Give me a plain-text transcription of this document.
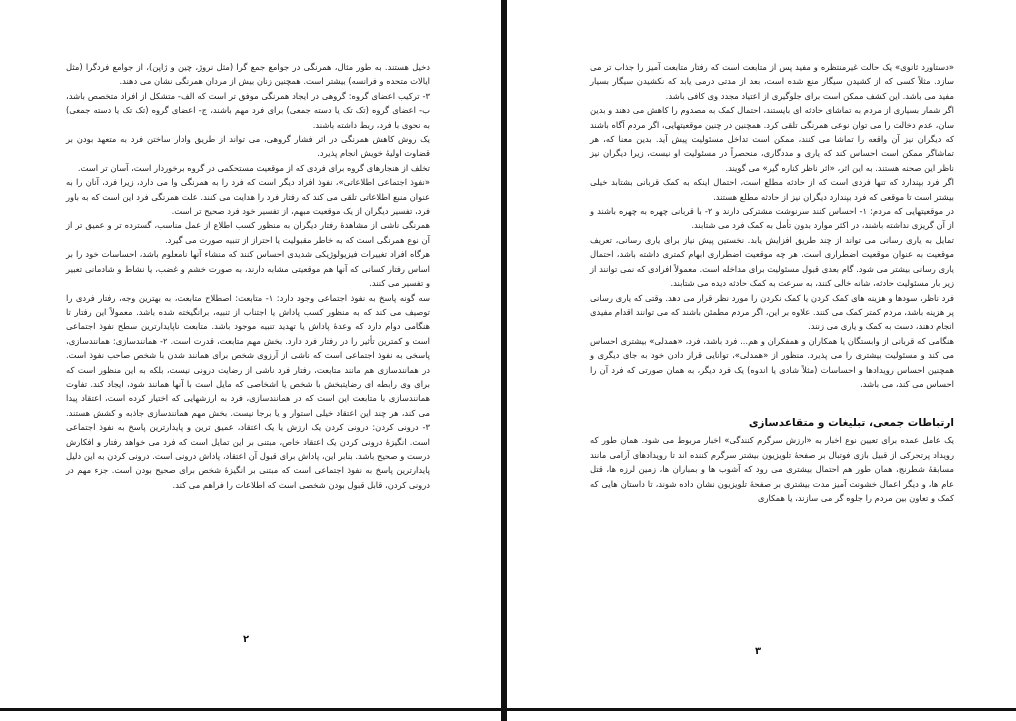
دخیل هستند. به طور مثال، همرنگی در جوامع جمع گرا (مثل نروژ، چین و ژاپن)، از جوامع فردگرا (مثل ایالات متحده و فرانسه) بیشتر است. همچنین زنان بیش از مردان همرنگی نشان می دهند.

۳- ترکیب اعضای گروه: گروهی در ایجاد همرنگی موفق تر است که الف- متشکل از افراد متخصص باشد، ب- اعضای گروه (تک تک یا دسته جمعی) برای فرد مهم باشند، ج- اعضای گروه (تک تک یا دسته جمعی) به نحوی با فرد، ربط داشته باشند.

یک روش کاهش همرنگی در اثر فشار گروهی، می تواند از طریق وادار ساختن فرد به متعهد بودن بر قضاوت اولیهٔ خویش انجام پذیرد.

تخلف از هنجارهای گروه برای فردی که از موقعیت مستحکمی در گروه برخوردار است، آسان تر است.

«نفوذ اجتماعی اطلاعاتی»، نفوذ افراد دیگر است که فرد را به همرنگی وا می دارد، زیرا فرد، آنان را به عنوان منبع اطلاعاتی تلقی می کند که رفتار فرد را هدایت می کنند. علت همرنگی فرد این است که به باور فرد، تفسیر دیگران از یک موقعیت مبهم، از تفسیر خود فرد صحیح تر است.

همرنگی ناشی از مشاهدهٔ رفتار دیگران به منظور کسب اطلاع از عمل مناسب، گسترده تر و عمیق تر از آن نوع همرنگی است که به خاطر مقبولیت یا احتراز از تنبیه صورت می گیرد.

هرگاه افراد تغییرات فیزیولوژیکی شدیدی احساس کنند که منشاء آنها نامعلوم باشد، احساسات خود را بر اساس رفتار کسانی که آنها هم موقعیتی مشابه دارند، به صورت خشم و غضب، یا نشاط و شادمانی تعبیر و تفسیر می کنند.

سه گونه پاسخ به نفوذ اجتماعی وجود دارد: ۱- متابعت: اصطلاح متابعت، به بهترین وجه، رفتار فردی را توصیف می کند که به منظور کسب پاداش یا اجتناب از تنبیه، برانگیخته شده باشد. معمولاً این رفتار تا هنگامی دوام دارد که وعدهٔ پاداش یا تهدید تنبیه موجود باشد. متابعت ناپایدارترین سطح نفوذ اجتماعی است و کمترین تأثیر را در رفتار فرد دارد. بخش مهم متابعت، قدرت است. ۲- همانندسازی: همانندسازی، پاسخی به نفوذ اجتماعی است که ناشی از آرزوی شخص برای همانند شدن با شخص صاحب نفوذ است. در همانندسازی هم مانند متابعت، رفتار فرد ناشی از رضایت درونی نیست، بلکه به این منظور است که برای وی رابطه ای رضایتبخش با شخص یا اشخاصی که مایل است با آنها همانند شود، ایجاد کند. تفاوت همانندسازی با متابعت این است که در همانندسازی، فرد به ارزشهایی که اختیار کرده است، اعتقاد پیدا می کند، هر چند این اعتقاد خیلی استوار و یا برجا نیست. بخش مهم همانندسازی جاذبه و کشش هستند. ۳- درونی کردن: درونی کردن یک ارزش یا یک اعتقاد، عمیق ترین و پایدارترین پاسخ به نفوذ اجتماعی است. انگیزهٔ درونی کردن یک اعتقاد خاص، مبتنی بر این تمایل است که فرد می خواهد رفتار و افکارش درست و صحیح باشد. بنابر این، پاداش برای قبول آن اعتقاد، پاداش درونی است. درونی کردن به این دلیل پایدارترین پاسخ به نفوذ اجتماعی است که مبتنی بر انگیزهٔ شخص برای صحیح بودن است. جزء مهم در درونی کردن، قابل قبول بودن شخصی است که اطلاعات را فراهم می کند.

۲

«دستاورد ثانوی» یک حالت غیرمنتظره و مفید پس از متابعت است که رفتار متابعت آمیز را جذاب تر می سازد. مثلاً کسی که از کشیدن سیگار منع شده است، بعد از مدتی درمی یابد که نکشیدن سیگار بسیار مفید می باشد. این کشف ممکن است برای جلوگیری از اعتیاد مجدد وی کافی باشد.

اگر شمار بسیاری از مردم به تماشای حادثه ای بایستند، احتمال کمک به مصدوم را کاهش می دهند و بدین سان، عدم دخالت را می توان نوعی همرنگی تلقی کرد. همچنین در چنین موقعیتهایی، اگر مردم آگاه باشند که دیگران نیز آن واقعه را تماشا می کنند، ممکن است تداخل مسئولیت پیش آید. بدین معنا که، هر تماشاگر ممکن است احساس کند که یاری و مددگاری، منحصراً در مسئولیت او نیست، زیرا دیگران نیز ناظر این صحنه هستند. به این اثر، «اثر ناظر کناره گیر» می گویند.

اگر فرد بپندارد که تنها فردی است که از حادثه مطلع است، احتمال اینکه به کمک قربانی بشتابد خیلی بیشتر است تا موقعی که فرد بپندارد دیگران نیز از حادثه مطلع هستند.

در موقعیتهایی که مردم: ۱- احساس کنند سرنوشت مشترکی دارند و ۲- با قربانی چهره به چهره باشند و از آن گریزی نداشته باشند، در اکثر موارد بدون تأمل به کمک فرد می شتابند.

تمایل به یاری رسانی می تواند از چند طریق افزایش یابد. نخستین پیش نیاز برای یاری رسانی، تعریف موقعیت به عنوان موقعیت اضطراری است. هر چه موقعیت اضطراری ابهام کمتری داشته باشد، احتمال یاری رسانی بیشتر می شود. گام بعدی قبول مسئولیت برای مداخله است. معمولاً افرادی که نمی توانند از زیر بار مسئولیت حادثه، شانه خالی کنند، به سرعت به کمک حادثه دیده می شتابند.

فرد ناظر، سودها و هزینه های کمک کردن یا کمک نکردن را مورد نظر قرار می دهد. وقتی که یاری رسانی پر هزینه باشد، مردم کمتر کمک می کنند. علاوه بر این، اگر مردم مطمئن باشند که می توانند اقدام مفیدی انجام دهند، دست به کمک و یاری می زنند.

هنگامی که قربانی از وابستگان یا همکاران و همفکران و هم... فرد باشد، فرد، «همدلی» بیشتری احساس می کند و مسئولیت بیشتری را می پذیرد. منظور از «همدلی»، توانایی قرار دادن خود به جای دیگری و همچنین احساس رویدادها و احساسات (مثلاً شادی یا اندوه) یک فرد دیگر، به همان صورتی که فرد آن را احساس می کند، می باشد.

ارتباطات جمعی، تبلیغات و متقاعدسازی

یک عامل عمده برای تعیین نوع اخبار به «ارزش سرگرم کنندگی» اخبار مربوط می شود. همان طور که رویداد پرتحرکی از قبیل بازی فوتبال بر صفحهٔ تلویزیون بیشتر سرگرم کننده اند تا رویدادهای آرامی مانند مسابقهٔ شطرنج، همان طور هم احتمال بیشتری می رود که آشوب ها و بمباران ها، زمین لرزه ها، قتل عام ها، و دیگر اعمال خشونت آمیز مدت بیشتری بر صفحهٔ تلویزیون نشان داده شوند، تا داستان هایی که کمک و تعاون بین مردم را جلوه گر می سازند، یا همکاری

۳
